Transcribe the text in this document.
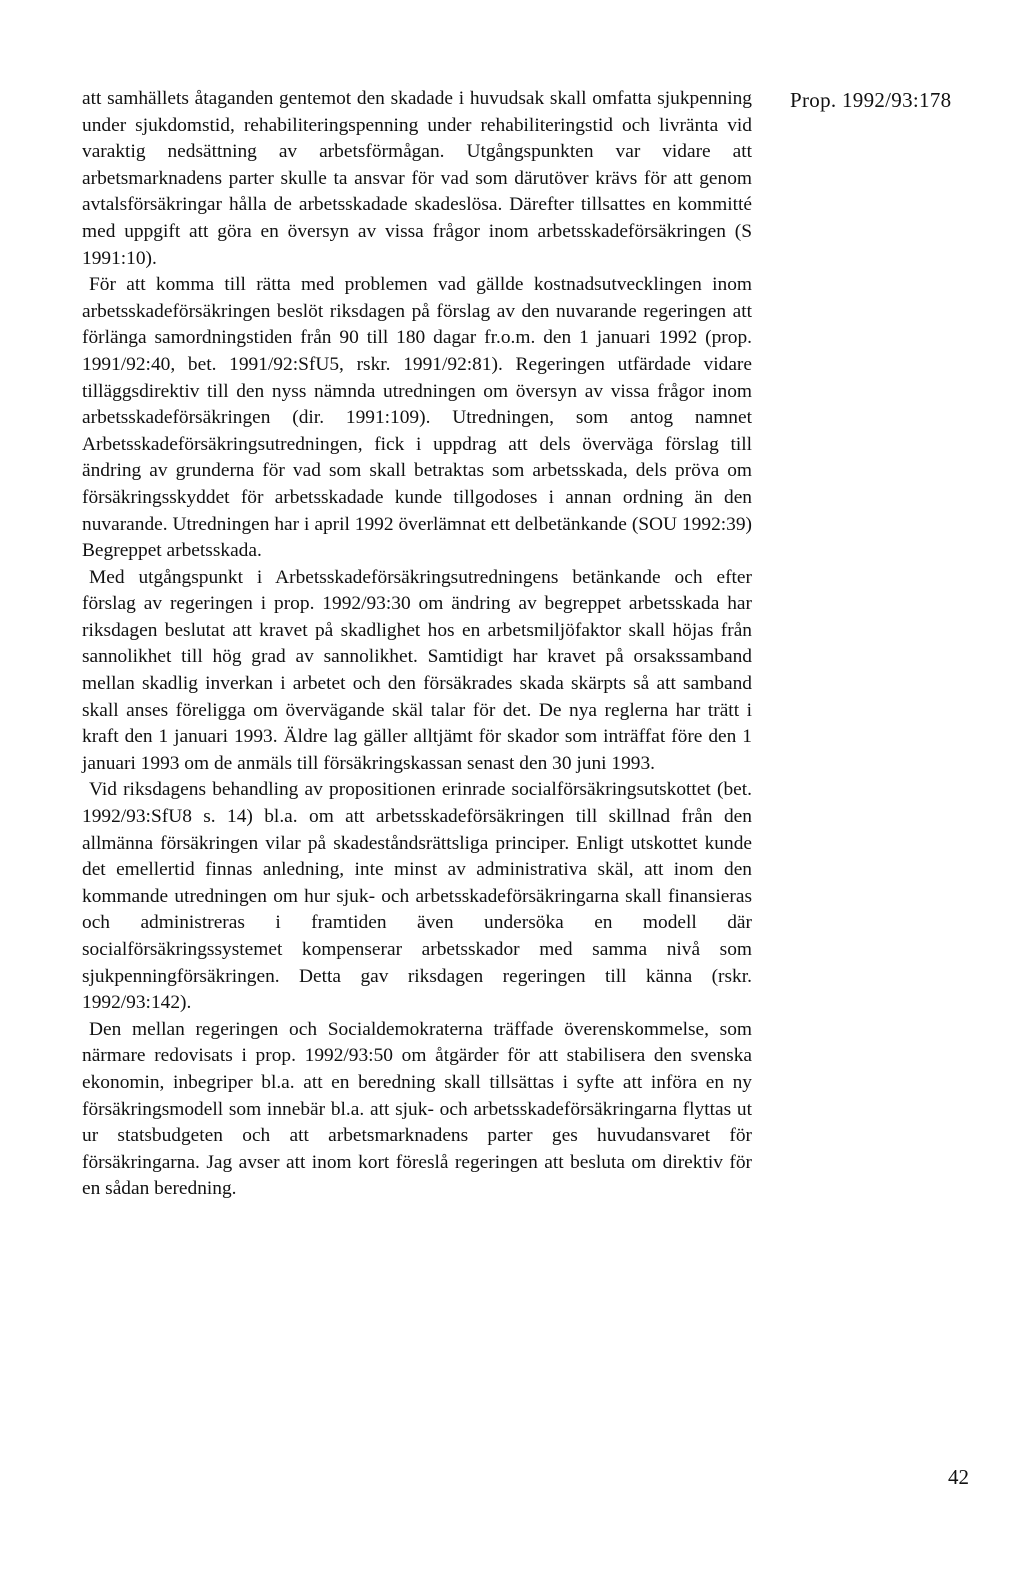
Prop. 1992/93:178

att samhällets åtaganden gentemot den skadade i huvudsak skall omfatta sjukpenning under sjukdomstid, rehabiliteringspenning under rehabiliteringstid och livränta vid varaktig nedsättning av arbetsförmågan. Utgångspunkten var vidare att arbetsmarknadens parter skulle ta ansvar för vad som därutöver krävs för att genom avtalsförsäkringar hålla de arbetsskadade skadeslösa. Därefter tillsattes en kommitté med uppgift att göra en översyn av vissa frågor inom arbetsskadeförsäkringen (S 1991:10).

För att komma till rätta med problemen vad gällde kostnadsutvecklingen inom arbetsskadeförsäkringen beslöt riksdagen på förslag av den nuvarande regeringen att förlänga samordningstiden från 90 till 180 dagar fr.o.m. den 1 januari 1992 (prop. 1991/92:40, bet. 1991/92:SfU5, rskr. 1991/92:81). Regeringen utfärdade vidare tilläggsdirektiv till den nyss nämnda utredningen om översyn av vissa frågor inom arbetsskadeförsäkringen (dir. 1991:109). Utredningen, som antog namnet Arbetsskadeförsäkringsutredningen, fick i uppdrag att dels överväga förslag till ändring av grunderna för vad som skall betraktas som arbetsskada, dels pröva om försäkringsskyddet för arbetsskadade kunde tillgodoses i annan ordning än den nuvarande. Utredningen har i april 1992 överlämnat ett delbetänkande (SOU 1992:39) Begreppet arbetsskada.

Med utgångspunkt i Arbetsskadeförsäkringsutredningens betänkande och efter förslag av regeringen i prop. 1992/93:30 om ändring av begreppet arbetsskada har riksdagen beslutat att kravet på skadlighet hos en arbetsmiljöfaktor skall höjas från sannolikhet till hög grad av sannolikhet. Samtidigt har kravet på orsakssamband mellan skadlig inverkan i arbetet och den försäkrades skada skärpts så att samband skall anses föreligga om övervägande skäl talar för det. De nya reglerna har trätt i kraft den 1 januari 1993. Äldre lag gäller alltjämt för skador som inträffat före den 1 januari 1993 om de anmäls till försäkringskassan senast den 30 juni 1993.

Vid riksdagens behandling av propositionen erinrade socialförsäkringsutskottet (bet. 1992/93:SfU8 s. 14) bl.a. om att arbetsskadeförsäkringen till skillnad från den allmänna försäkringen vilar på skadeståndsrättsliga principer. Enligt utskottet kunde det emellertid finnas anledning, inte minst av administrativa skäl, att inom den kommande utredningen om hur sjuk- och arbetsskadeförsäkringarna skall finansieras och administreras i framtiden även undersöka en modell där socialförsäkringssystemet kompenserar arbetsskador med samma nivå som sjukpenningförsäkringen. Detta gav riksdagen regeringen till känna (rskr. 1992/93:142).

Den mellan regeringen och Socialdemokraterna träffade överenskommelse, som närmare redovisats i prop. 1992/93:50 om åtgärder för att stabilisera den svenska ekonomin, inbegriper bl.a. att en beredning skall tillsättas i syfte att införa en ny försäkringsmodell som innebär bl.a. att sjuk- och arbetsskadeförsäkringarna flyttas ut ur statsbudgeten och att arbetsmarknadens parter ges huvudansvaret för försäkringarna. Jag avser att inom kort föreslå regeringen att besluta om direktiv för en sådan beredning.

42
